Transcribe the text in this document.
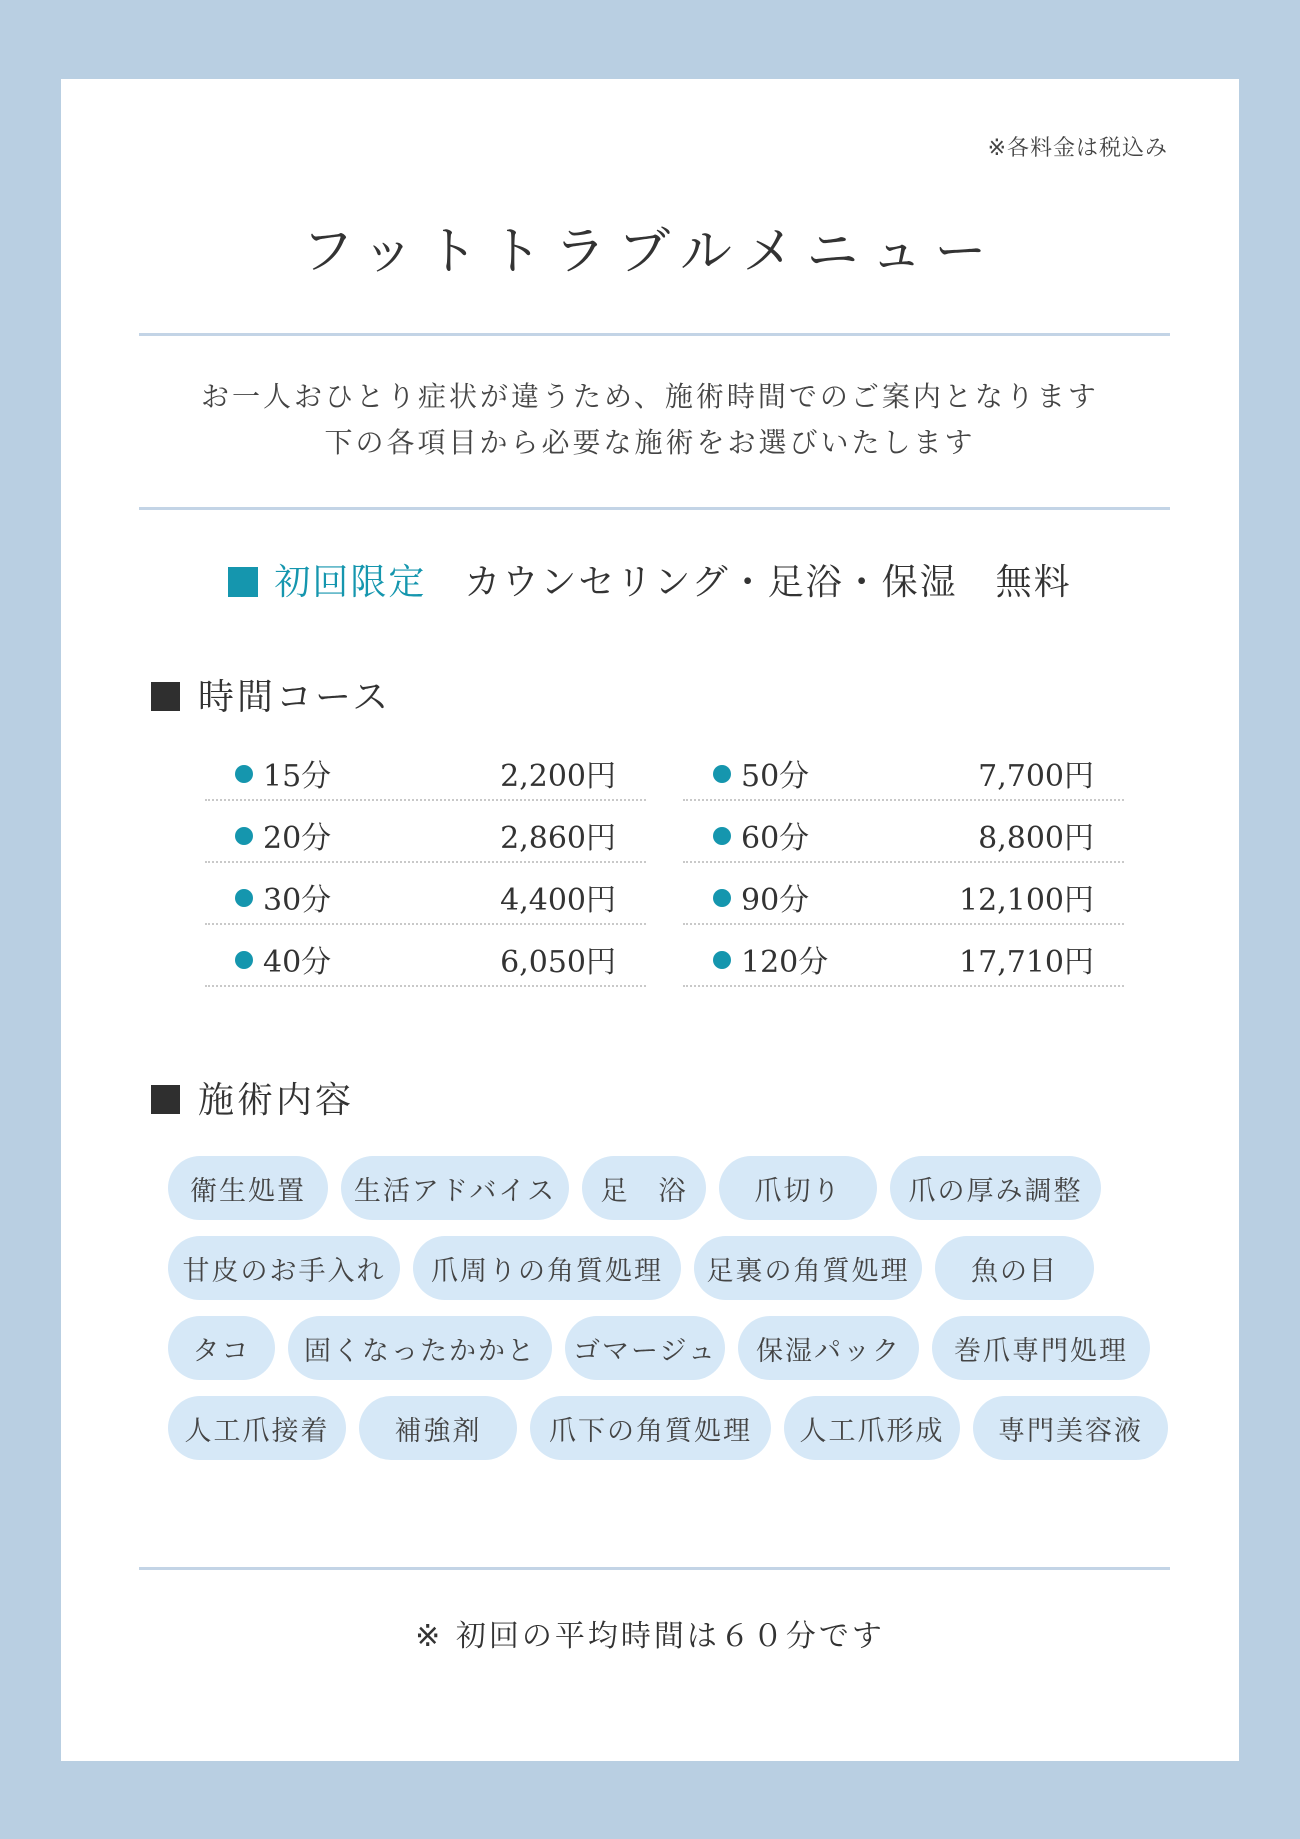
※各料金は税込み
フットトラブルメニュー
お一人おひとり症状が違うため、施術時間でのご案内となります
下の各項目から必要な施術をお選びいたします
初回限定 カウンセリング・足浴・保湿　無料
時間コース
15分	2,200円
20分	2,860円
30分	4,400円
40分	6,050円
50分	7,700円
60分	8,800円
90分	12,100円
120分	17,710円
施術内容
衛生処置	生活アドバイス	足　浴	爪切り	爪の厚み調整
甘皮のお手入れ	爪周りの角質処理	足裏の角質処理	魚の目
タコ	固くなったかかと	ゴマージュ	保湿パック	巻爪専門処理
人工爪接着	補強剤	爪下の角質処理	人工爪形成	専門美容液
※ 初回の平均時間は６０分です
